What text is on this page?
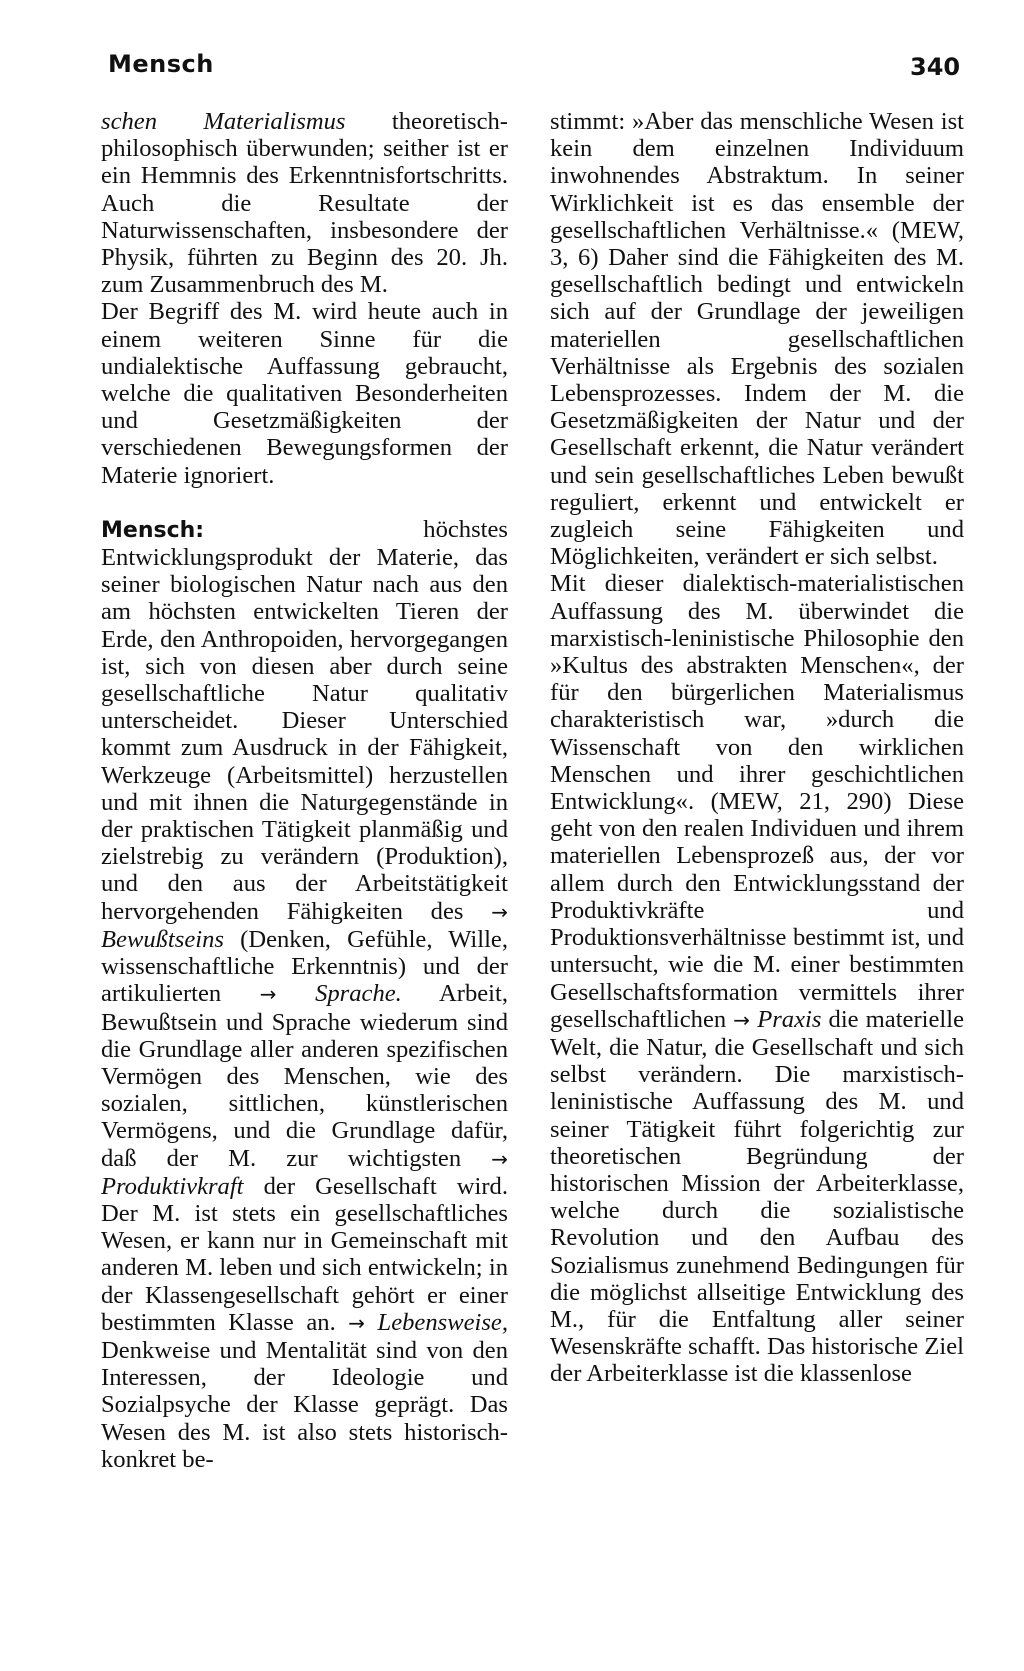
Mensch	340

schen Materialismus theoretisch-philosophisch überwunden; seither ist er ein Hemmnis des Erkenntnisfortschritts. Auch die Resultate der Naturwissenschaften, insbesondere der Physik, führten zu Beginn des 20. Jh. zum Zusammenbruch des M.

Der Begriff des M. wird heute auch in einem weiteren Sinne für die undialektische Auffassung gebraucht, welche die qualitativen Besonderheiten und Gesetzmäßigkeiten der verschiedenen Bewegungsformen der Materie ignoriert.

Mensch: höchstes Entwicklungsprodukt der Materie, das seiner biologischen Natur nach aus den am höchsten entwickelten Tieren der Erde, den Anthropoiden, hervorgegangen ist, sich von diesen aber durch seine gesellschaftliche Natur qualitativ unterscheidet. Dieser Unterschied kommt zum Ausdruck in der Fähigkeit, Werkzeuge (Arbeitsmittel) herzustellen und mit ihnen die Naturgegenstände in der praktischen Tätigkeit planmäßig und zielstrebig zu verändern (Produktion), und den aus der Arbeitstätigkeit hervorgehenden Fähigkeiten des → Bewußtseins (Denken, Gefühle, Wille, wissenschaftliche Erkenntnis) und der artikulierten → Sprache. Arbeit, Bewußtsein und Sprache wiederum sind die Grundlage aller anderen spezifischen Vermögen des Menschen, wie des sozialen, sittlichen, künstlerischen Vermögens, und die Grundlage dafür, daß der M. zur wichtigsten → Produktivkraft der Gesellschaft wird. Der M. ist stets ein gesellschaftliches Wesen, er kann nur in Gemeinschaft mit anderen M. leben und sich entwickeln; in der Klassengesellschaft gehört er einer bestimmten Klasse an. → Lebensweise, Denkweise und Mentalität sind von den Interessen, der Ideologie und Sozialpsyche der Klasse geprägt. Das Wesen des M. ist also stets historisch-konkret be-

stimmt: »Aber das menschliche Wesen ist kein dem einzelnen Individuum inwohnendes Abstraktum. In seiner Wirklichkeit ist es das ensemble der gesellschaftlichen Verhältnisse.« (MEW, 3, 6) Daher sind die Fähigkeiten des M. gesellschaftlich bedingt und entwickeln sich auf der Grundlage der jeweiligen materiellen gesellschaftlichen Verhältnisse als Ergebnis des sozialen Lebensprozesses. Indem der M. die Gesetzmäßigkeiten der Natur und der Gesellschaft erkennt, die Natur verändert und sein gesellschaftliches Leben bewußt reguliert, erkennt und entwickelt er zugleich seine Fähigkeiten und Möglichkeiten, verändert er sich selbst.

Mit dieser dialektisch-materialistischen Auffassung des M. überwindet die marxistisch-leninistische Philosophie den »Kultus des abstrakten Menschen«, der für den bürgerlichen Materialismus charakteristisch war, »durch die Wissenschaft von den wirklichen Menschen und ihrer geschichtlichen Entwicklung«. (MEW, 21, 290) Diese geht von den realen Individuen und ihrem materiellen Lebensprozeß aus, der vor allem durch den Entwicklungsstand der Produktivkräfte und Produktionsverhältnisse bestimmt ist, und untersucht, wie die M. einer bestimmten Gesellschaftsformation vermittels ihrer gesellschaftlichen → Praxis die materielle Welt, die Natur, die Gesellschaft und sich selbst verändern. Die marxistisch-leninistische Auffassung des M. und seiner Tätigkeit führt folgerichtig zur theoretischen Begründung der historischen Mission der Arbeiterklasse, welche durch die sozialistische Revolution und den Aufbau des Sozialismus zunehmend Bedingungen für die möglichst allseitige Entwicklung des M., für die Entfaltung aller seiner Wesenskräfte schafft. Das historische Ziel der Arbeiterklasse ist die klassenlose
